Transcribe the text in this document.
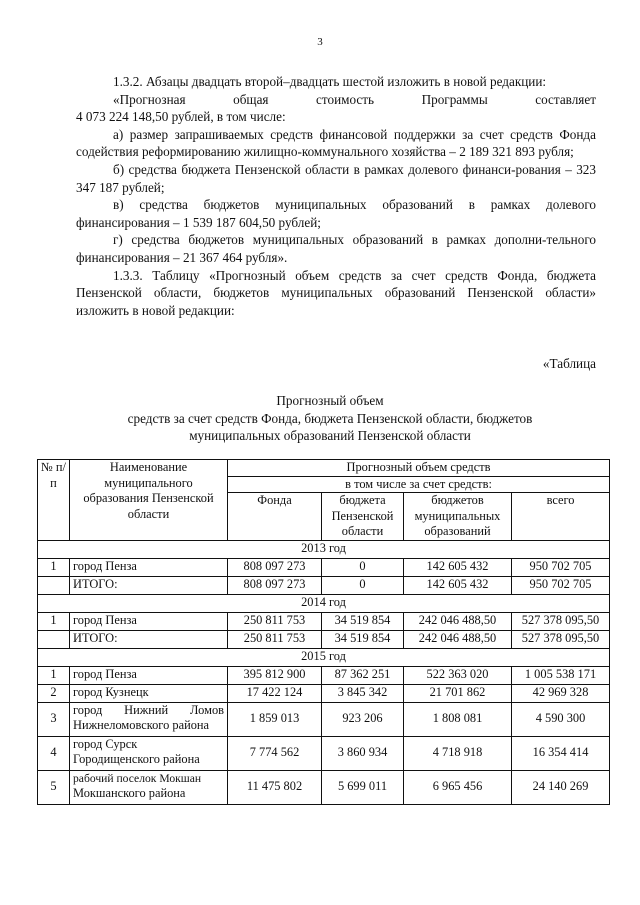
3

1.3.2. Абзацы двадцать второй–двадцать шестой изложить в новой редакции:

«Прогнозная	общая	стоимость	Программы	составляет

4 073 224 148,50 рублей, в том числе:

а) размер запрашиваемых средств финансовой поддержки за счет средств Фонда содействия реформированию жилищно-коммунального хозяйства – 2 189 321 893 рубля;

б) средства бюджета Пензенской области в рамках долевого финанси-рования – 323 347 187 рублей;

в) средства бюджетов муниципальных образований в рамках долевого финансирования – 1 539 187 604,50 рублей;

г) средства бюджетов муниципальных образований в рамках дополни-тельного финансирования – 21 367 464 рубля».

1.3.3. Таблицу «Прогнозный объем средств за счет средств Фонда, бюджета Пензенской области, бюджетов муниципальных образований Пензенской области» изложить в новой редакции:

«Таблица
Прогнозный объем
средств за счет средств Фонда, бюджета Пензенской области, бюджетов
муниципальных образований Пензенской области
№ п/п	Наименование муниципального образования Пензенской области	Прогнозный объем средств			
		в том числе за счет средств:			
		Фонда	бюджета Пензенской области	бюджетов муниципальных образований	всего
2013 год					
1	город Пенза	808 097 273	0	142 605 432	950 702 705
	ИТОГО:	808 097 273	0	142 605 432	950 702 705
2014 год					
1	город Пенза	250 811 753	34 519 854	242 046 488,50	527 378 095,50
	ИТОГО:	250 811 753	34 519 854	242 046 488,50	527 378 095,50
2015 год					
1	город Пенза	395 812 900	87 362 251	522 363 020	1 005 538 171
2	город Кузнецк	17 422 124	3 845 342	21 701 862	42 969 328
3	город Нижний Ломов
Нижнеломовского района	1 859 013	923 206	1 808 081	4 590 300
4	город Сурск
Городищенского района	7 774 562	3 860 934	4 718 918	16 354 414
5	рабочий поселок Мокшан
Мокшанского района	11 475 802	5 699 011	6 965 456	24 140 269
